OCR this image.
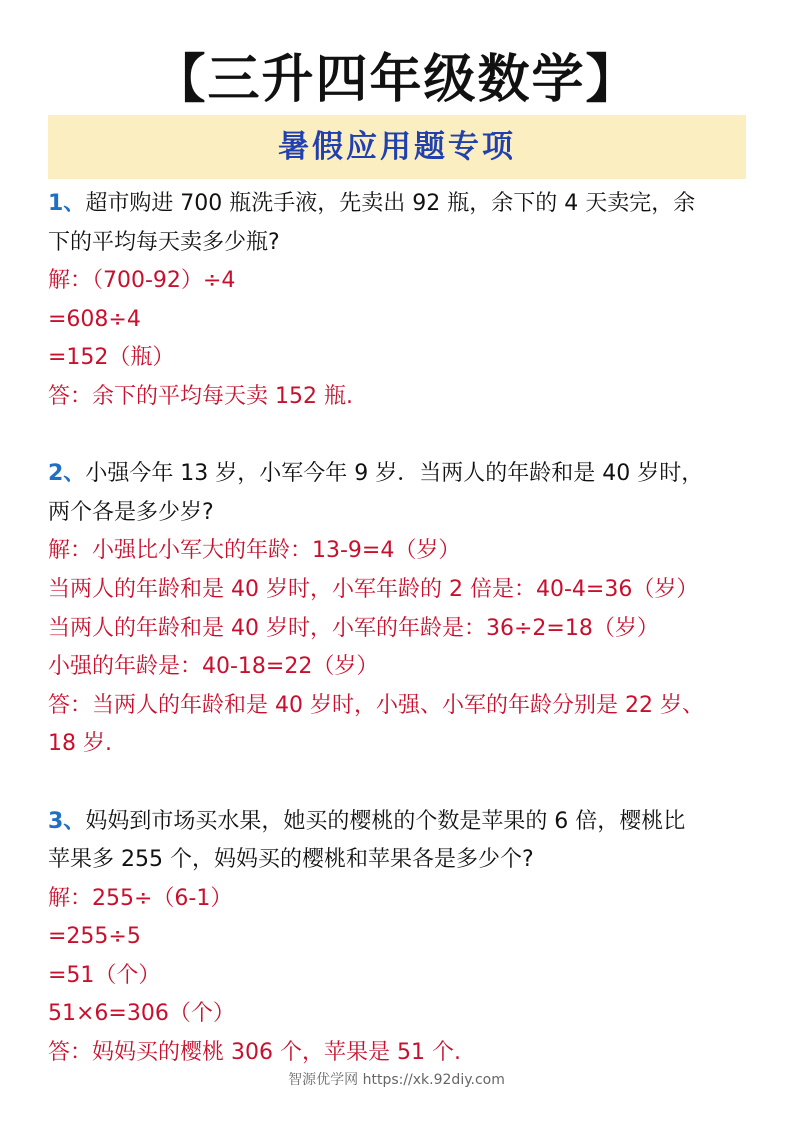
【三升四年级数学】
暑假应用题专项
1、超市购进 700 瓶洗手液，先卖出 92 瓶，余下的 4 天卖完，余
下的平均每天卖多少瓶?
解：（700-92）÷4
=608÷4
=152（瓶）
答：余下的平均每天卖 152 瓶.
2、小强今年 13 岁，小军今年 9 岁．当两人的年龄和是 40 岁时，
两个各是多少岁?
解：小强比小军大的年龄：13-9=4（岁）
当两人的年龄和是 40 岁时，小军年龄的 2 倍是：40-4=36（岁）
当两人的年龄和是 40 岁时，小军的年龄是：36÷2=18（岁）
小强的年龄是：40-18=22（岁）
答：当两人的年龄和是 40 岁时，小强、小军的年龄分别是 22 岁、
18 岁.
3、妈妈到市场买水果，她买的樱桃的个数是苹果的 6 倍，樱桃比
苹果多 255 个，妈妈买的樱桃和苹果各是多少个?
解：255÷（6-1）
=255÷5
=51（个）
51×6=306（个）
答：妈妈买的樱桃 306 个，苹果是 51 个.
智源优学网 https://xk.92diy.com
